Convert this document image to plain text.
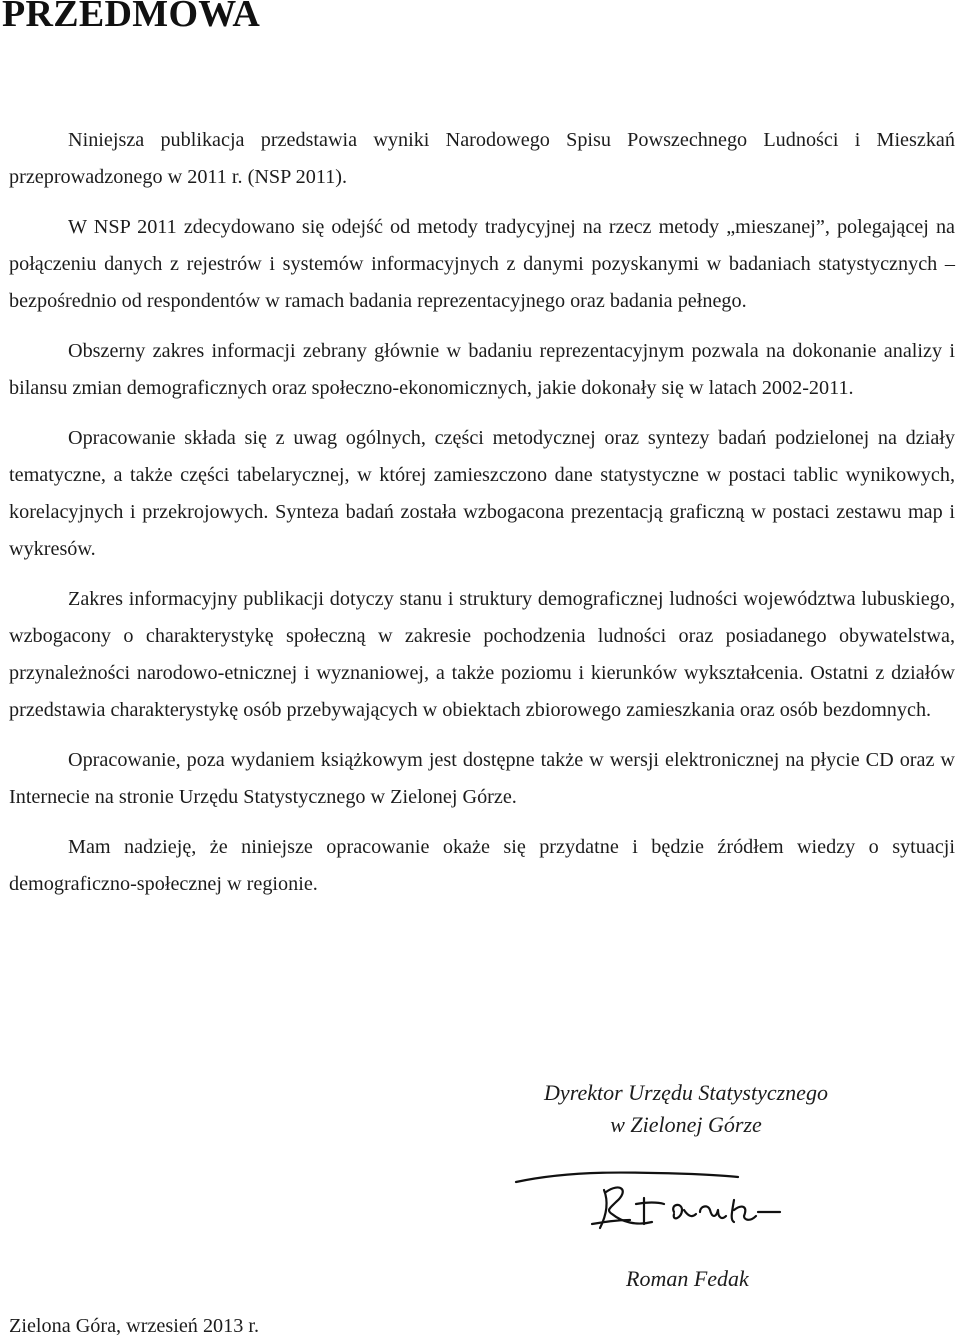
PRZEDMOWA

Niniejsza publikacja przedstawia wyniki Narodowego Spisu Powszechnego Ludności i Mieszkań przeprowadzonego w 2011 r. (NSP 2011).

W NSP 2011 zdecydowano się odejść od metody tradycyjnej na rzecz metody „mieszanej”, polegającej na połączeniu danych z rejestrów i systemów informacyjnych z danymi pozyskanymi w badaniach statystycznych – bezpośrednio od respondentów w ramach badania reprezentacyjnego oraz badania pełnego.

Obszerny zakres informacji zebrany głównie w badaniu reprezentacyjnym pozwala na dokonanie analizy i bilansu zmian demograficznych oraz społeczno-ekonomicznych, jakie dokonały się w latach 2002-2011.

Opracowanie składa się z uwag ogólnych, części metodycznej oraz syntezy badań podzielonej na działy tematyczne, a także części tabelarycznej, w której zamieszczono dane statystyczne w postaci tablic wynikowych, korelacyjnych i przekrojowych. Synteza badań została wzbogacona prezentacją graficzną w postaci zestawu map i wykresów.

Zakres informacyjny publikacji dotyczy stanu i struktury demograficznej ludności województwa lubuskiego, wzbogacony o charakterystykę społeczną w zakresie pochodzenia ludności oraz posiadanego obywatelstwa, przynależności narodowo-etnicznej i wyznaniowej, a także poziomu i kierunków wykształcenia. Ostatni z działów przedstawia charakterystykę osób przebywających w obiektach zbiorowego zamieszkania oraz osób bezdomnych.

Opracowanie, poza wydaniem książkowym jest dostępne także w wersji elektronicznej na płycie CD oraz w Internecie na stronie Urzędu Statystycznego w Zielonej Górze.

Mam nadzieję, że niniejsze opracowanie okaże się przydatne i będzie źródłem wiedzy o sytuacji demograficzno-społecznej w regionie.

Dyrektor Urzędu Statystycznego
w Zielonej Górze
Roman Fedak
Zielona Góra, wrzesień 2013 r.
